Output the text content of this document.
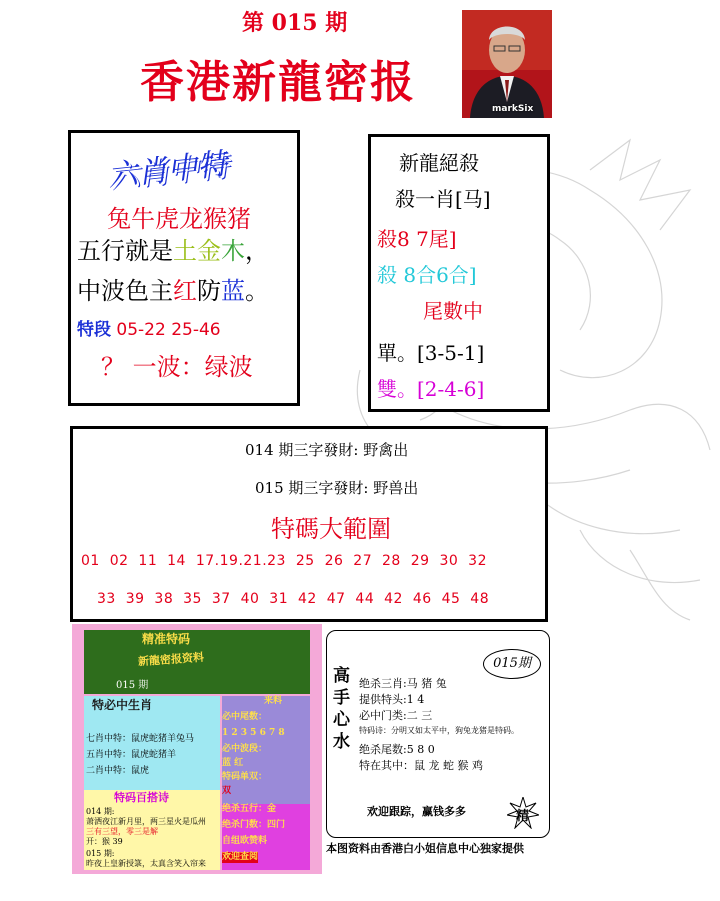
第 015 期
香港新龍密报
markSix
六肖中特
兔牛虎龙猴猪
五行就是土金木，
中波色主红防蓝。
特段 05-22 25-46
？ 一波：绿波
新龍絕殺
殺一肖[马]
殺8 7尾]
殺 8合6合]
尾數中
單。[3-5-1]
雙。[2-4-6]
014 期三字發財: 野禽出
015 期三字發財: 野兽出
特碼大範圍
01  02  11  14  17.19.21.23  25  26  27  28  29  30  32
33  39  38  35  37  40  31  42  47  44  42  46  45  48
精准特码
新龍密报资料
015 期
特必中生肖
七肖中特：鼠虎蛇猪羊兔马
五肖中特：鼠虎蛇猪羊
二肖中特：鼠虎
特码百搭诗
014 期:
萧洒夜江新月里，两三星火是瓜州
三有三望，零三是解
开：猴 39
015 期:
昨夜上皇新授箓，太真含笑入帘来
来料
必中尾数：
1 2 3 5 6 7 8
必中波段：
蓝 红
特码单双：
双
绝杀五行：金
绝杀门数：四门
自组欧赞料
欢迎查阅
高
手
心
水
015期
绝杀三肖:马 猪 兔
提供特头:1 4
必中门类:二 三
特码诗：分明又如太平中，狗兔龙猪是特码。
绝杀尾数:5 8 0
特在其中：鼠 龙 蛇 猴 鸡
欢迎跟踪，赢钱多多	精
本图资料由香港白小姐信息中心独家提供
